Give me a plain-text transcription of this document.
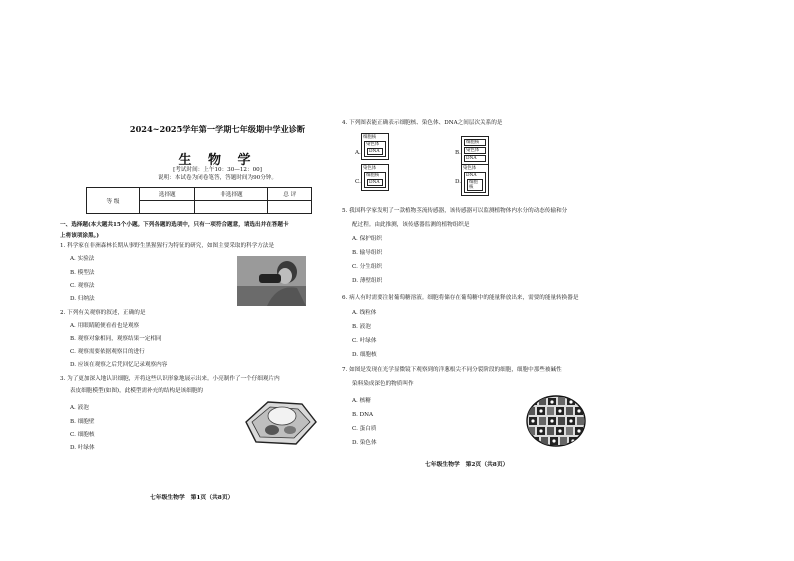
2024~2025学年第一学期七年级期中学业诊断
生 物 学
[考试时间：上午10：30—12：00]
说明：本试卷为闭卷笔答，答题时间为90分钟。
等 级	选择题	非选择题	总 评

一、选择题(本大题共15个小题。下列各题的选项中，只有一项符合题意，请选出并在答题卡
上将该项涂黑。)
1. 科学家在非洲森林长期从事野生黑猩猩行为特征的研究，如图主要采取的科学方法是
A. 实验法
B. 模型法
C. 观察法
D. 归纳法
2. 下列有关观察的叙述，正确的是
A. 用眼睛随便看看也是观察
B. 观察对象相同，观察结果一定相同
C. 观察需要依据观察目的进行
D. 应该在观察之后凭回忆记录观察内容
3. 为了更加深入地认识细胞，开将这些认识形象地展示出来。小亮制作了一个仔细观片内
表皮细胞模型(如图)，此模型需补充的结构是该细胞的
A. 液泡
B. 细胞壁
C. 细胞核
D. 叶绿体
七年级生物学　第1页（共8页）
4. 下列图表能正确表示细胞核、染色体、DNA之间层次关系的是
A.
细胞核
染色体
DNA	B.
细胞核
染色体
DNA
C.
染色体
细胞核
DNA	D.
染色体
DNA
细胞核
5. 我国科学家发明了一款植物茎流传感器，该传感器可以监测植物体内水分的动态传输和分
配过程。由此推测，该传感器监测的植物组织是
A. 保护组织
B. 输导组织
C. 分生组织
D. 薄壁组织
6. 病人有时需要注射葡萄糖溶液。细胞将储存在葡萄糖中的能量释放出来，需要的能量转换器是
A. 线粒体
B. 液泡
C. 叶绿体
D. 细胞核
7. 如图是发现在光学显微镜下观察到的洋葱根尖不同分裂阶段的细胞，细胞中那些被碱性
染料染成深色的物质叫作
A. 核糖
B. DNA
C. 蛋白质
D. 染色体
七年级生物学　第2页（共8页）
